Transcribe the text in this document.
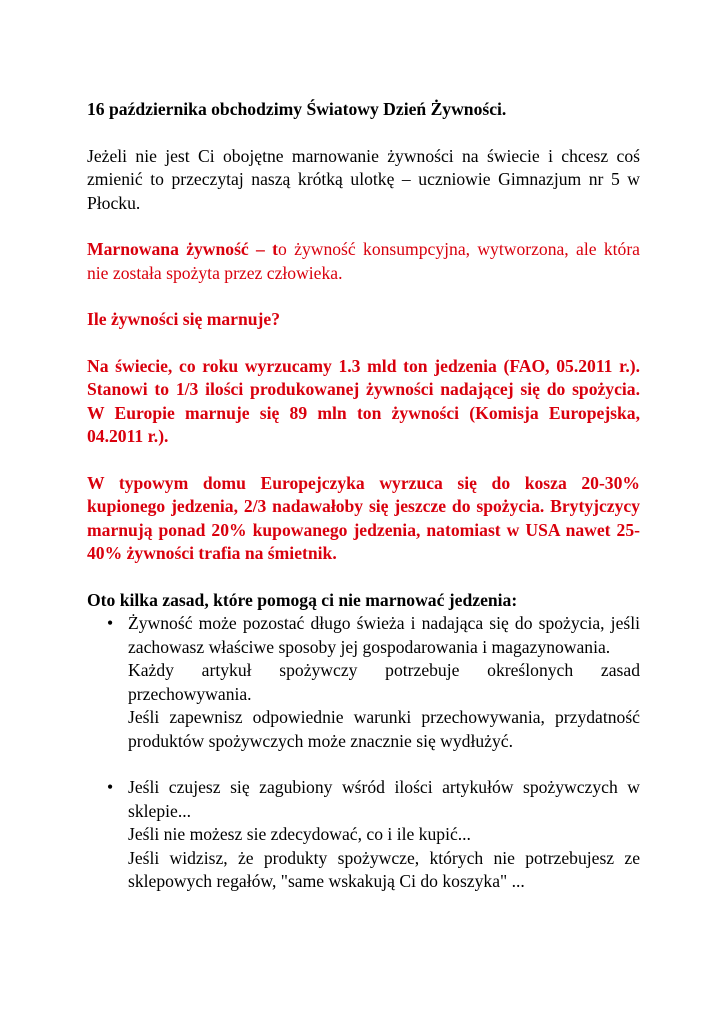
16 października obchodzimy Światowy Dzień Żywności.

Jeżeli nie jest Ci obojętne marnowanie żywności na świecie i chcesz coś zmienić to przeczytaj naszą krótką ulotkę – uczniowie Gimnazjum nr 5 w Płocku.

Marnowana żywność – to żywność konsumpcyjna, wytworzona, ale która nie została spożyta przez człowieka.

Ile żywności się marnuje?

Na świecie, co roku wyrzucamy 1.3 mld ton jedzenia (FAO, 05.2011 r.). Stanowi to 1/3 ilości produkowanej żywności nadającej się do spożycia. W Europie marnuje się 89 mln ton żywności (Komisja Europejska, 04.2011 r.).

W typowym domu Europejczyka wyrzuca się do kosza 20-30% kupionego jedzenia, 2/3 nadawałoby się jeszcze do spożycia. Brytyjczycy marnują ponad 20% kupowanego jedzenia, natomiast w USA nawet 25-40% żywności trafia na śmietnik.

Oto kilka zasad, które pomogą ci nie marnować jedzenia:

• Żywność może pozostać długo świeża i nadająca się do spożycia, jeśli zachowasz właściwe sposoby jej gospodarowania i magazynowania.

Każdy artykuł spożywczy potrzebuje określonych zasad przechowywania.

Jeśli zapewnisz odpowiednie warunki przechowywania, przydatność produktów spożywczych może znacznie się wydłużyć.

• Jeśli czujesz się zagubiony wśród ilości artykułów spożywczych w sklepie...

Jeśli nie możesz sie zdecydować, co i ile kupić...

Jeśli widzisz, że produkty spożywcze, których nie potrzebujesz ze sklepowych regałów, "same wskakują Ci do koszyka" ...
